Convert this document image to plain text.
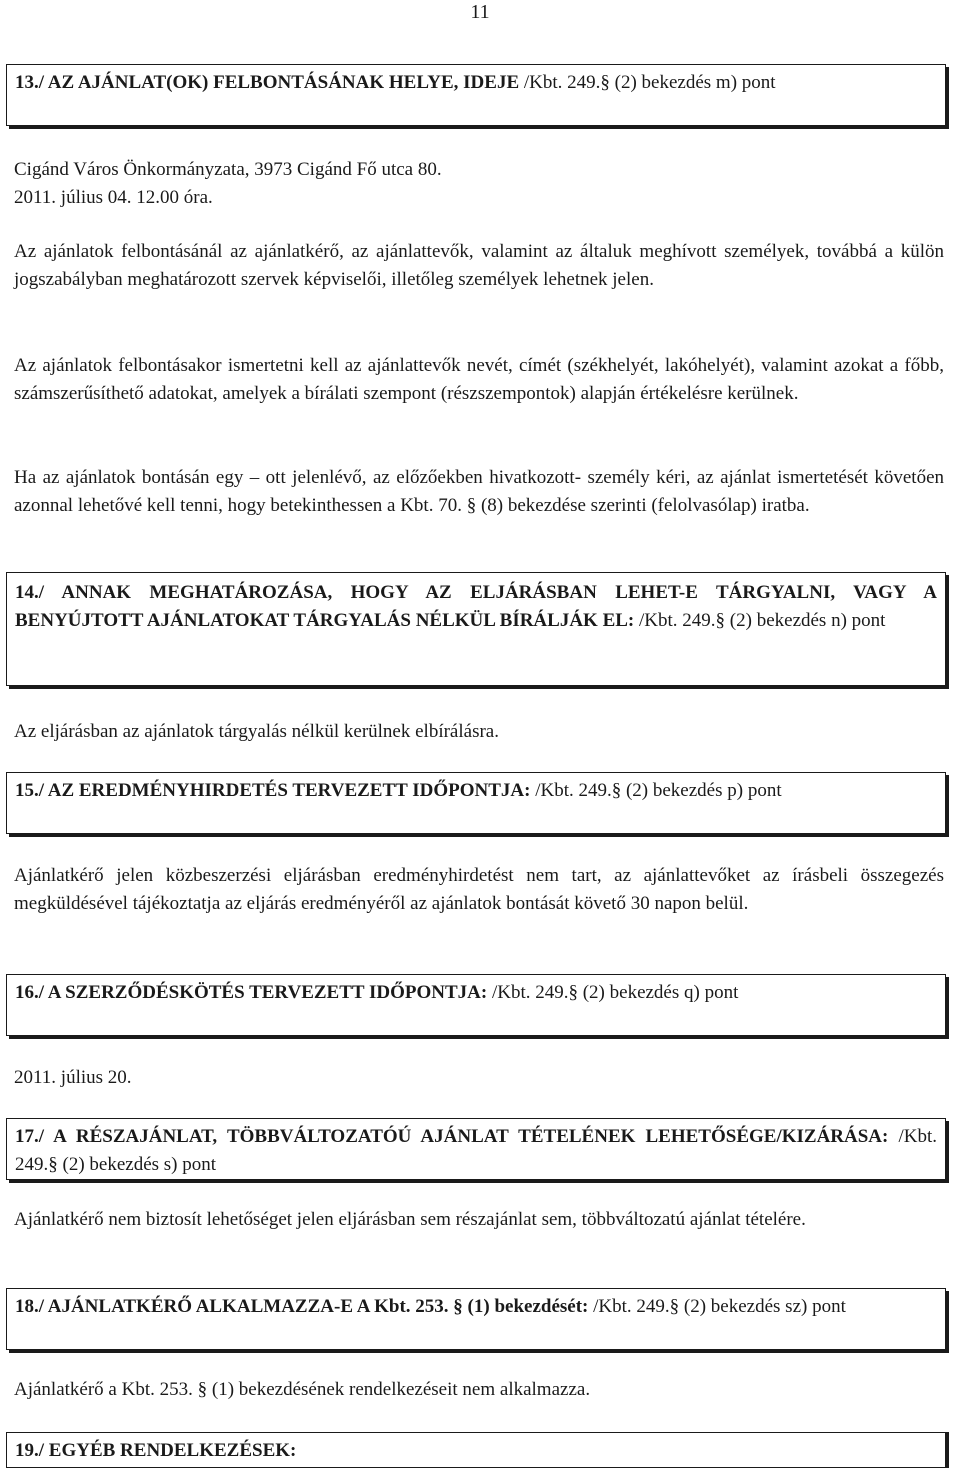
11
13./ AZ AJÁNLAT(OK) FELBONTÁSÁNAK HELYE, IDEJE /Kbt. 249.§ (2) bekezdés m) pont
Cigánd Város Önkormányzata, 3973 Cigánd Fő utca 80.
2011. július 04. 12.00 óra.
Az ajánlatok felbontásánál az ajánlatkérő, az ajánlattevők, valamint az általuk meghívott személyek, továbbá a külön jogszabályban meghatározott szervek képviselői, illetőleg személyek lehetnek jelen.
Az ajánlatok felbontásakor ismertetni kell az ajánlattevők nevét, címét (székhelyét, lakóhelyét), valamint azokat a főbb, számszerűsíthető adatokat, amelyek a bírálati szempont (részszempontok) alapján értékelésre kerülnek.
Ha az ajánlatok bontásán egy – ott jelenlévő, az előzőekben hivatkozott- személy kéri, az ajánlat ismertetését követően azonnal lehetővé kell tenni, hogy betekinthessen a Kbt. 70. § (8) bekezdése szerinti (felolvasólap) iratba.
14./ ANNAK MEGHATÁROZÁSA, HOGY AZ ELJÁRÁSBAN LEHET-E TÁRGYALNI, VAGY A BENYÚJTOTT AJÁNLATOKAT TÁRGYALÁS NÉLKÜL BÍRÁLJÁK EL: /Kbt. 249.§ (2) bekezdés n) pont
Az eljárásban az ajánlatok tárgyalás nélkül kerülnek elbírálásra.
15./ AZ EREDMÉNYHIRDETÉS TERVEZETT IDŐPONTJA: /Kbt. 249.§ (2) bekezdés p) pont
Ajánlatkérő jelen közbeszerzési eljárásban eredményhirdetést nem tart, az ajánlattevőket az írásbeli összegezés megküldésével tájékoztatja az eljárás eredményéről az ajánlatok bontását követő 30 napon belül.
16./ A SZERZŐDÉSKÖTÉS TERVEZETT IDŐPONTJA: /Kbt. 249.§ (2) bekezdés q) pont
2011. július 20.
17./ A RÉSZAJÁNLAT, TÖBBVÁLTOZATÓÚ AJÁNLAT TÉTELÉNEK LEHETŐSÉGE/KIZÁRÁSA: /Kbt. 249.§ (2) bekezdés s) pont
Ajánlatkérő nem biztosít lehetőséget jelen eljárásban sem részajánlat sem, többváltozatú ajánlat tételére.
18./ AJÁNLATKÉRŐ ALKALMAZZA-E A Kbt. 253. § (1) bekezdését: /Kbt. 249.§ (2) bekezdés sz) pont
Ajánlatkérő a Kbt. 253. § (1) bekezdésének rendelkezéseit nem alkalmazza.
19./ EGYÉB RENDELKEZÉSEK:
